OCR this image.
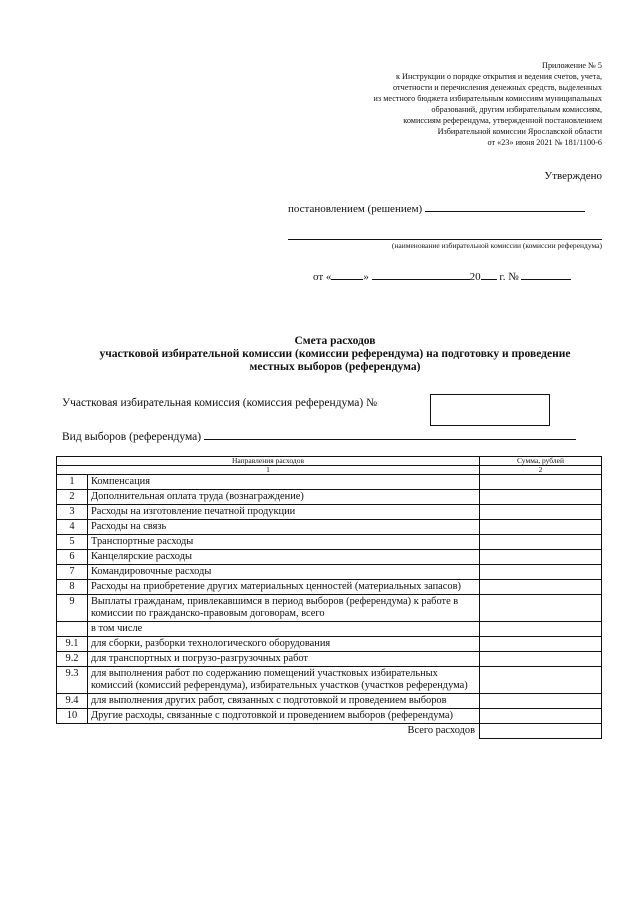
Приложение № 5
к Инструкции о порядке открытия и ведения счетов, учета,
отчетности и перечисления денежных средств, выделенных
из местного бюджета избирательным комиссиям муниципальных
образований, другим избирательным комиссиям,
комиссиям референдума, утвержденной постановлением
Избирательной комиссии Ярославской области
от «23» июня 2021 № 181/1100-6
Утверждено
постановлением (решением)
(наименование избирательной комиссии (комиссии референдума)
от «	»	20 г. №
Смета расходов
участковой избирательной комиссии (комиссии референдума) на подготовку и проведение
местных выборов (референдума)
Участковая избирательная комиссия (комиссия референдума) №
Вид выборов (референдума)
Направления расходов		Сумма, рублей
1		2
1	Компенсация	
2	Дополнительная оплата труда (вознаграждение)	
3	Расходы на изготовление печатной продукции	
4	Расходы на связь	
5	Транспортные расходы	
6	Канцелярские расходы	
7	Командировочные расходы	
8	Расходы на приобретение других материальных ценностей (материальных запасов)	
9	Выплаты гражданам, привлекавшимся в период выборов (референдума) к работе в комиссии по гражданско-правовым договорам, всего	
	в том числе	
9.1	для сборки, разборки технологического оборудования	
9.2	для транспортных и погрузо-разгрузочных работ	
9.3	для выполнения работ по содержанию помещений участковых избирательных комиссий (комиссий референдума), избирательных участков (участков референдума)	
9.4	для выполнения других работ, связанных с подготовкой и проведением выборов	
10	Другие расходы, связанные с подготовкой и проведением выборов (референдума)	
Всего расходов		
